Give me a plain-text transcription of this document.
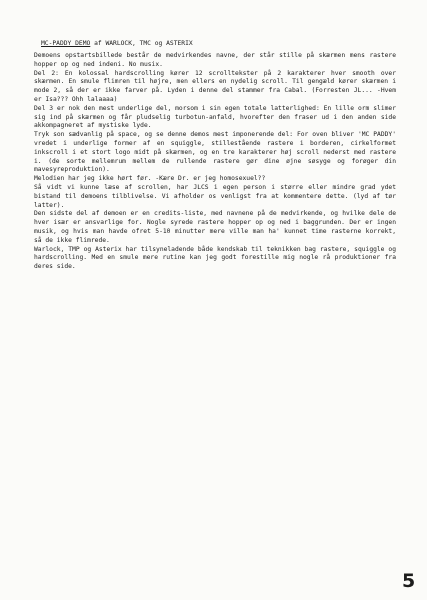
MC-PADDY DEMO af WARLOCK, TMC og ASTERIX

Demoens opstartsbillede består de medvirkendes navne, der står stille på skærmen mens rastere hopper op og ned indeni. No musix.

Del 2: En kolossal hardscrolling kører 12 scrolltekster på 2 karakterer hver smooth over skærmen. En smule flimren til højre, men ellers en nydelig scroll. Til gengæld kører skærmen i mode 2, så der er ikke farver på. Lyden i denne del stammer fra Cabal. (Forresten JL... -Hvem er Isa??? Ohh lalaaaa)

Del 3 er nok den mest underlige del, morsom i sin egen totale latterlighed: En lille orm slimer sig ind på skærmen og får pludselig turbotun-anfald, hvorefter den fraser ud i den anden side akkompagneret af mystiske lyde.

Tryk son sædvanlig på space, og se denne demos mest imponerende del: For oven bliver 'MC PADDY' vredet i underlige former af en squiggle, stillestående rastere i borderen, cirkelformet inkscroll i et stort logo midt på skærmen, og en tre karakterer høj scroll nederst med rastere i. (de sorte mellemrum mellem de rullende rastere gør dine øjne søsyge og forøger din mavesyreproduktion).

Melodien har jeg ikke hørt før. -Kære Dr. er jeg homosexuel??

Så vidt vi kunne læse af scrollen, har JLCS i egen person i større eller mindre grad ydet bistand til demoens tilblivelse. Vi afholder os venligst fra at kommentere dette. (lyd af tør latter).

Den sidste del af demoen er en credits-liste, med navnene på de medvirkende, og hvilke dele de hver især er ansvarlige for. Nogle syrede rastere hopper op og ned i baggrunden. Der er ingen musik, og hvis man havde ofret 5-10 minutter mere ville man ha' kunnet time rasterne korrekt, så de ikke flimrede.

Warlock, TMP og Asterix har tilsyneladende både kendskab til teknikken bag rastere, squiggle og hardscrolling. Med en smule mere rutine kan jeg godt forestille mig nogle rå produktioner fra deres side.

5
